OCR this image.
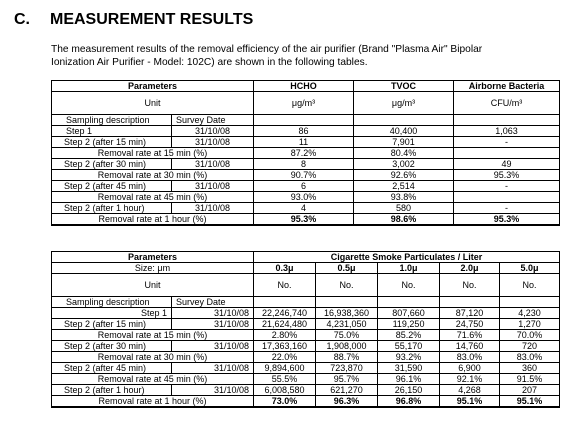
C. MEASUREMENT RESULTS
The measurement results of the removal efficiency of the air purifier (Brand "Plasma Air" Bipolar
Ionization Air Purifier - Model: 102C) are shown in the following tables.
Parameters		HCHO	TVOC	Airborne Bacteria
Unit		μg/m³	μg/m³	CFU/m³
Sampling description	Survey Date			
Step 1	31/10/08	86	40,400	1,063
Step 2 (after 15 min)	31/10/08	11	7,901	-
Removal rate at 15 min (%)		87.2%	80.4%	
Step 2 (after 30 min)	31/10/08	8	3,002	49
Removal rate at 30 min (%)		90.7%	92.6%	95.3%
Step 2 (after 45 min)	31/10/08	6	2,514	-
Removal rate at 45 min (%)		93.0%	93.8%	
Step 2 (after 1 hour)	31/10/08	4	580	-
Removal rate at 1 hour (%)		95.3%	98.6%	95.3%
Parameters		Cigarette Smoke Particulates / Liter				
Size: μm		0.3μ	0.5μ	1.0μ	2.0μ	5.0μ
Unit		No.	No.	No.	No.	No.
Sampling description	Survey Date					
Step 1	31/10/08	22,246,740	16,938,360	807,660	87,120	4,230
Step 2 (after 15 min)	31/10/08	21,624,480	4,231,050	119,250	24,750	1,270
Removal rate at 15 min (%)		2.80%	75.0%	85.2%	71.6%	70.0%
Step 2 (after 30 min)	31/10/08	17,363,160	1,908,000	55,170	14,760	720
Removal rate at 30 min (%)		22.0%	88.7%	93.2%	83.0%	83.0%
Step 2 (after 45 min)	31/10/08	9,894,600	723,870	31,590	6,900	360
Removal rate at 45 min (%)		55.5%	95.7%	96.1%	92.1%	91.5%
Step 2 (after 1 hour)	31/10/08	6,008,580	621,270	26,150	4,268	207
Removal rate at 1 hour (%)		73.0%	96.3%	96.8%	95.1%	95.1%
